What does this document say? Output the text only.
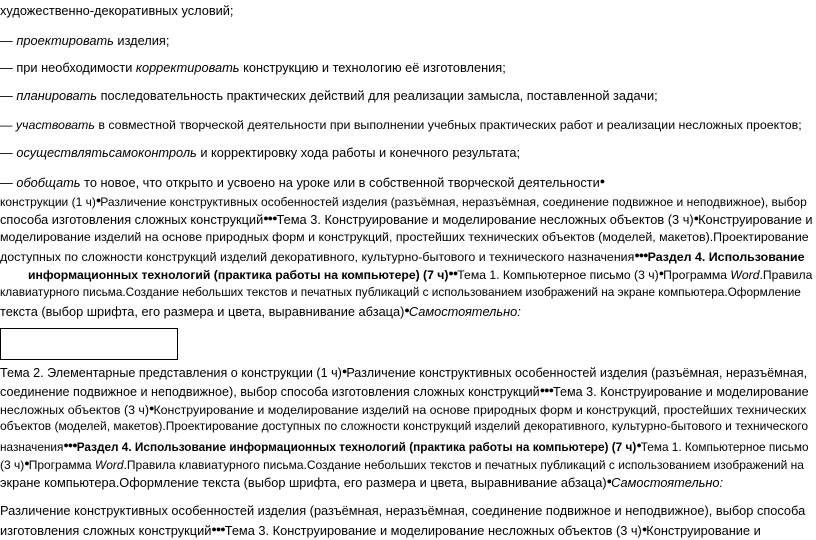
художественно-декоративных условий;
— проектировать изделия;
— при необходимости корректировать конструкцию и технологию её изготовления;
— планировать последовательность практических действий для реализации замысла, поставленной задачи;
— участвовать в совместной творческой деятельности при выполнении учебных практических работ и реализации несложных проектов;
— осуществлятьсамоконтроль и корректировку хода работы и конечного результата;
— обобщать то новое, что открыто и усвоено на уроке или в собственной творческой деятельности●
конструкции (1 ч)●Различение конструктивных особенностей изделия (разъёмная, неразъёмная, соединение подвижное и неподвижное), выбор
способа изготовления сложных конструкций●●●Тема 3. Конструирование и моделирование несложных объектов (3 ч)●Конструирование и
моделирование изделий на основе природных форм и конструкций, простейших технических объектов (моделей, макетов).Проектирование
доступных по сложности конструкций изделий декоративного, культурно-бытового и технического назначения●●●Раздел 4. Использование
информационных технологий (практика работы на компьютере) (7 ч)●●Тема 1. Компьютерное письмо (3 ч)●Программа Word.Правила
клавиатурного письма.Создание небольших текстов и печатных публикаций с использованием изображений на экране компьютера.Оформление
текста (выбор шрифта, его размера и цвета, выравнивание абзаца)●Самостоятельно:
Тема 2. Элементарные представления о конструкции (1 ч)●Различение конструктивных особенностей изделия (разъёмная, неразъёмная,
соединение подвижное и неподвижное), выбор способа изготовления сложных конструкций●●●Тема 3. Конструирование и моделирование
несложных объектов (3 ч)●Конструирование и моделирование изделий на основе природных форм и конструкций, простейших технических
объектов (моделей, макетов).Проектирование доступных по сложности конструкций изделий декоративного, культурно-бытового и технического
назначения●●●Раздел 4. Использование информационных технологий (практика работы на компьютере) (7 ч)●Тема 1. Компьютерное письмо
(3 ч)●Программа Word.Правила клавиатурного письма.Создание небольших текстов и печатных публикаций с использованием изображений на
экране компьютера.Оформление текста (выбор шрифта, его размера и цвета, выравнивание абзаца)●Самостоятельно:
Различение конструктивных особенностей изделия (разъёмная, неразъёмная, соединение подвижное и неподвижное), выбор способа
изготовления сложных конструкций●●●Тема 3. Конструирование и моделирование несложных объектов (3 ч)●Конструирование и
